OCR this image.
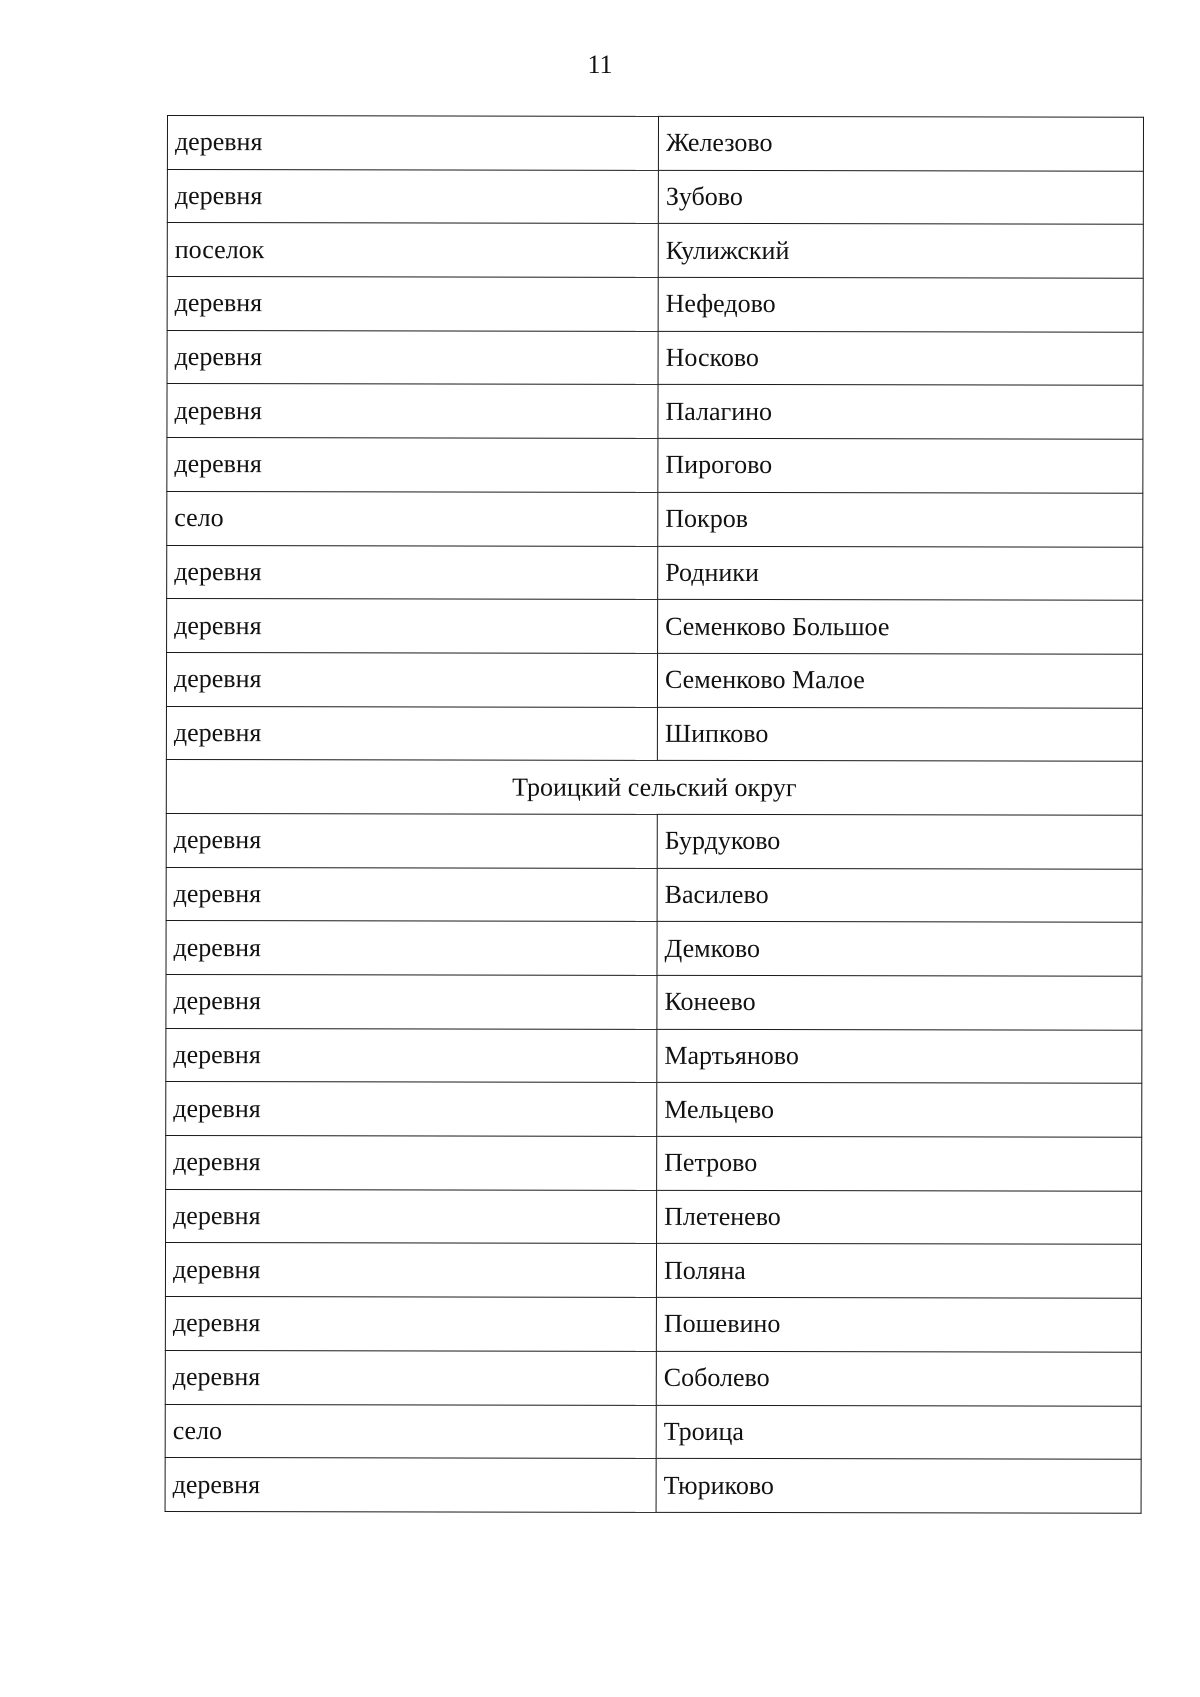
11
деревня	Железово
деревня	Зубово
поселок	Кулижский
деревня	Нефедово
деревня	Носково
деревня	Палагино
деревня	Пирогово
село	Покров
деревня	Родники
деревня	Семенково Большое
деревня	Семенково Малое
деревня	Шипково
Троицкий сельский округ	
деревня	Бурдуково
деревня	Василево
деревня	Демково
деревня	Конеево
деревня	Мартьяново
деревня	Мельцево
деревня	Петрово
деревня	Плетенево
деревня	Поляна
деревня	Пошевино
деревня	Соболево
село	Троица
деревня	Тюриково
